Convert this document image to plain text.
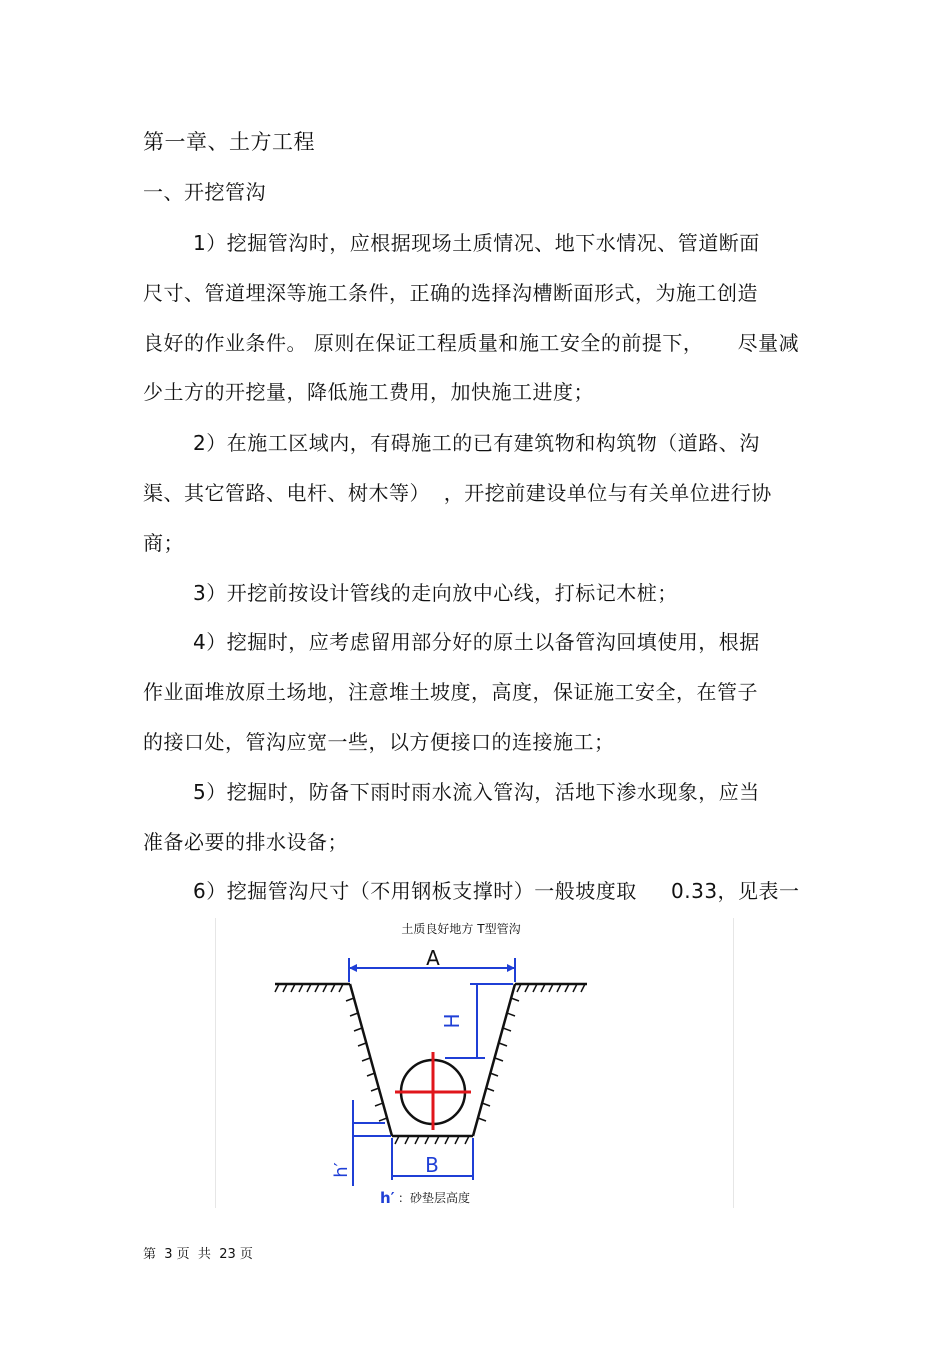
第一章、土方工程
一、开挖管沟
1）挖掘管沟时，应根据现场土质情况、地下水情况、管道断面
尺寸、管道埋深等施工条件，正确的选择沟槽断面形式，为施工创造
良好的作业条件。 原则在保证工程质量和施工安全的前提下，     尽量减
少土方的开挖量，降低施工费用，加快施工进度；
2）在施工区域内，有碍施工的已有建筑物和构筑物（道路、沟
渠、其它管路、电杆、树木等）  ，开挖前建设单位与有关单位进行协
商；
3）开挖前按设计管线的走向放中心线，打标记木桩；
4）挖掘时，应考虑留用部分好的原土以备管沟回填使用，根据
作业面堆放原土场地，注意堆土坡度，高度，保证施工安全，在管子
的接口处，管沟应宽一些，以方便接口的连接施工；
5）挖掘时，防备下雨时雨水流入管沟，活地下渗水现象，应当
准备必要的排水设备；
6）挖掘管沟尺寸（不用钢板支撑时）一般坡度取     0.33，见表一
土质良好地方 T型管沟
A
H
h′	B
h′ ：砂垫层高度
第  3 页  共  23 页
